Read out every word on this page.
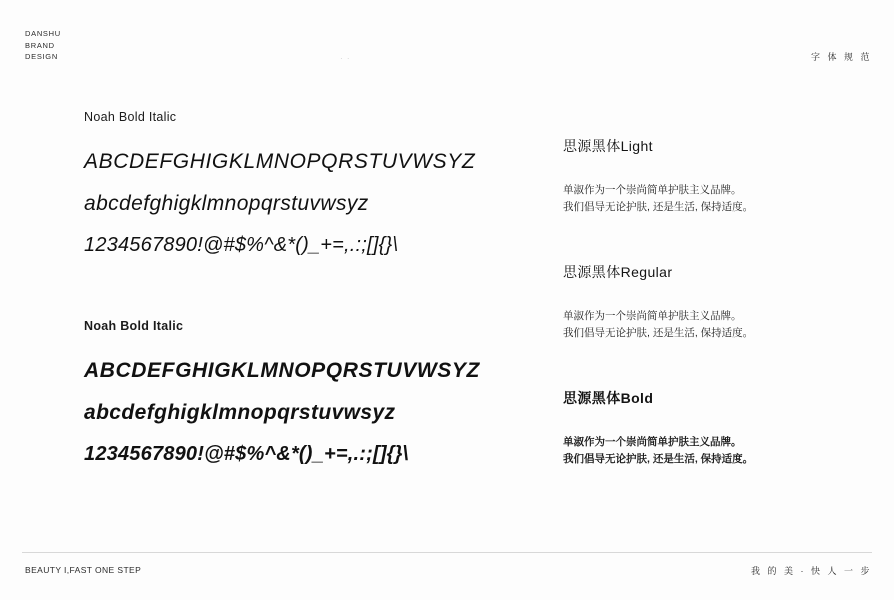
DANSHU
BRAND
DESIGN	· ·	字 体 规 范
Noah Bold Italic
ABCDEFGHIGKLMNOPQRSTUVWSYZ
abcdefghigklmnopqrstuvwsyz
1234567890!@#$%^&*()_+=,.:;[]{}\
Noah Bold Italic
ABCDEFGHIGKLMNOPQRSTUVWSYZ
abcdefghigklmnopqrstuvwsyz
1234567890!@#$%^&*()_+=,.:;[]{}\
思源黑体Light
单淑作为一个崇尚简单护肤主义品牌。
我们倡导无论护肤, 还是生活, 保持适度。
思源黑体Regular
单淑作为一个崇尚简单护肤主义品牌。
我们倡导无论护肤, 还是生活, 保持适度。
思源黑体Bold
单淑作为一个崇尚简单护肤主义品牌。
我们倡导无论护肤, 还是生活, 保持适度。
BEAUTY I,FAST ONE STEP	我 的 美 · 快 人 一 步
